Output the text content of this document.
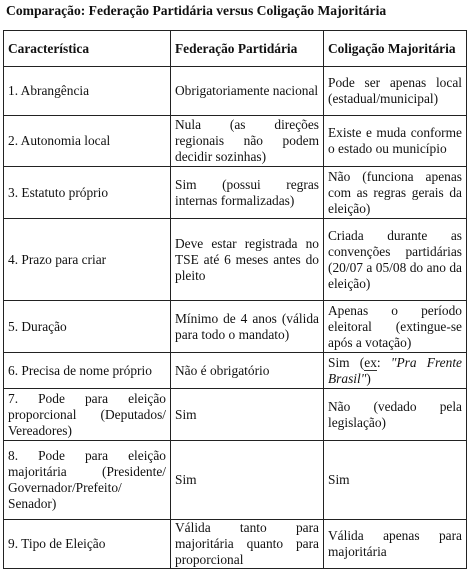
Comparação: Federação Partidária versus Coligação Majoritária
Característica	Federação Partidária	Coligação Majoritária
1. Abrangência	Obrigatoriamente nacional	Pode ser apenas local (estadual/municipal)
2. Autonomia local	Nula (as direções regionais não podem decidir sozinhas)	Existe e muda conforme o estado ou município
3. Estatuto próprio	Sim (possui regras internas formalizadas)	Não (funciona apenas com as regras gerais da eleição)
4. Prazo para criar	Deve estar registrada no TSE até 6 meses antes do pleito	Criada durante as convenções partidárias (20/07 a 05/08 do ano da eleição)
5. Duração	Mínimo de 4 anos (válida para todo o mandato)	Apenas o período eleitoral (extingue-se após a votação)
6. Precisa de nome próprio	Não é obrigatório	Sim (ex: "Pra Frente Brasil")
7. Pode para eleição proporcional (Deputados/ Vereadores)	Sim	Não (vedado pela legislação)
8. Pode para eleição majoritária (Presidente/ Governador/Prefeito/ Senador)	Sim	Sim
9. Tipo de Eleição	Válida tanto para majoritária quanto para proporcional	Válida apenas para majoritária
